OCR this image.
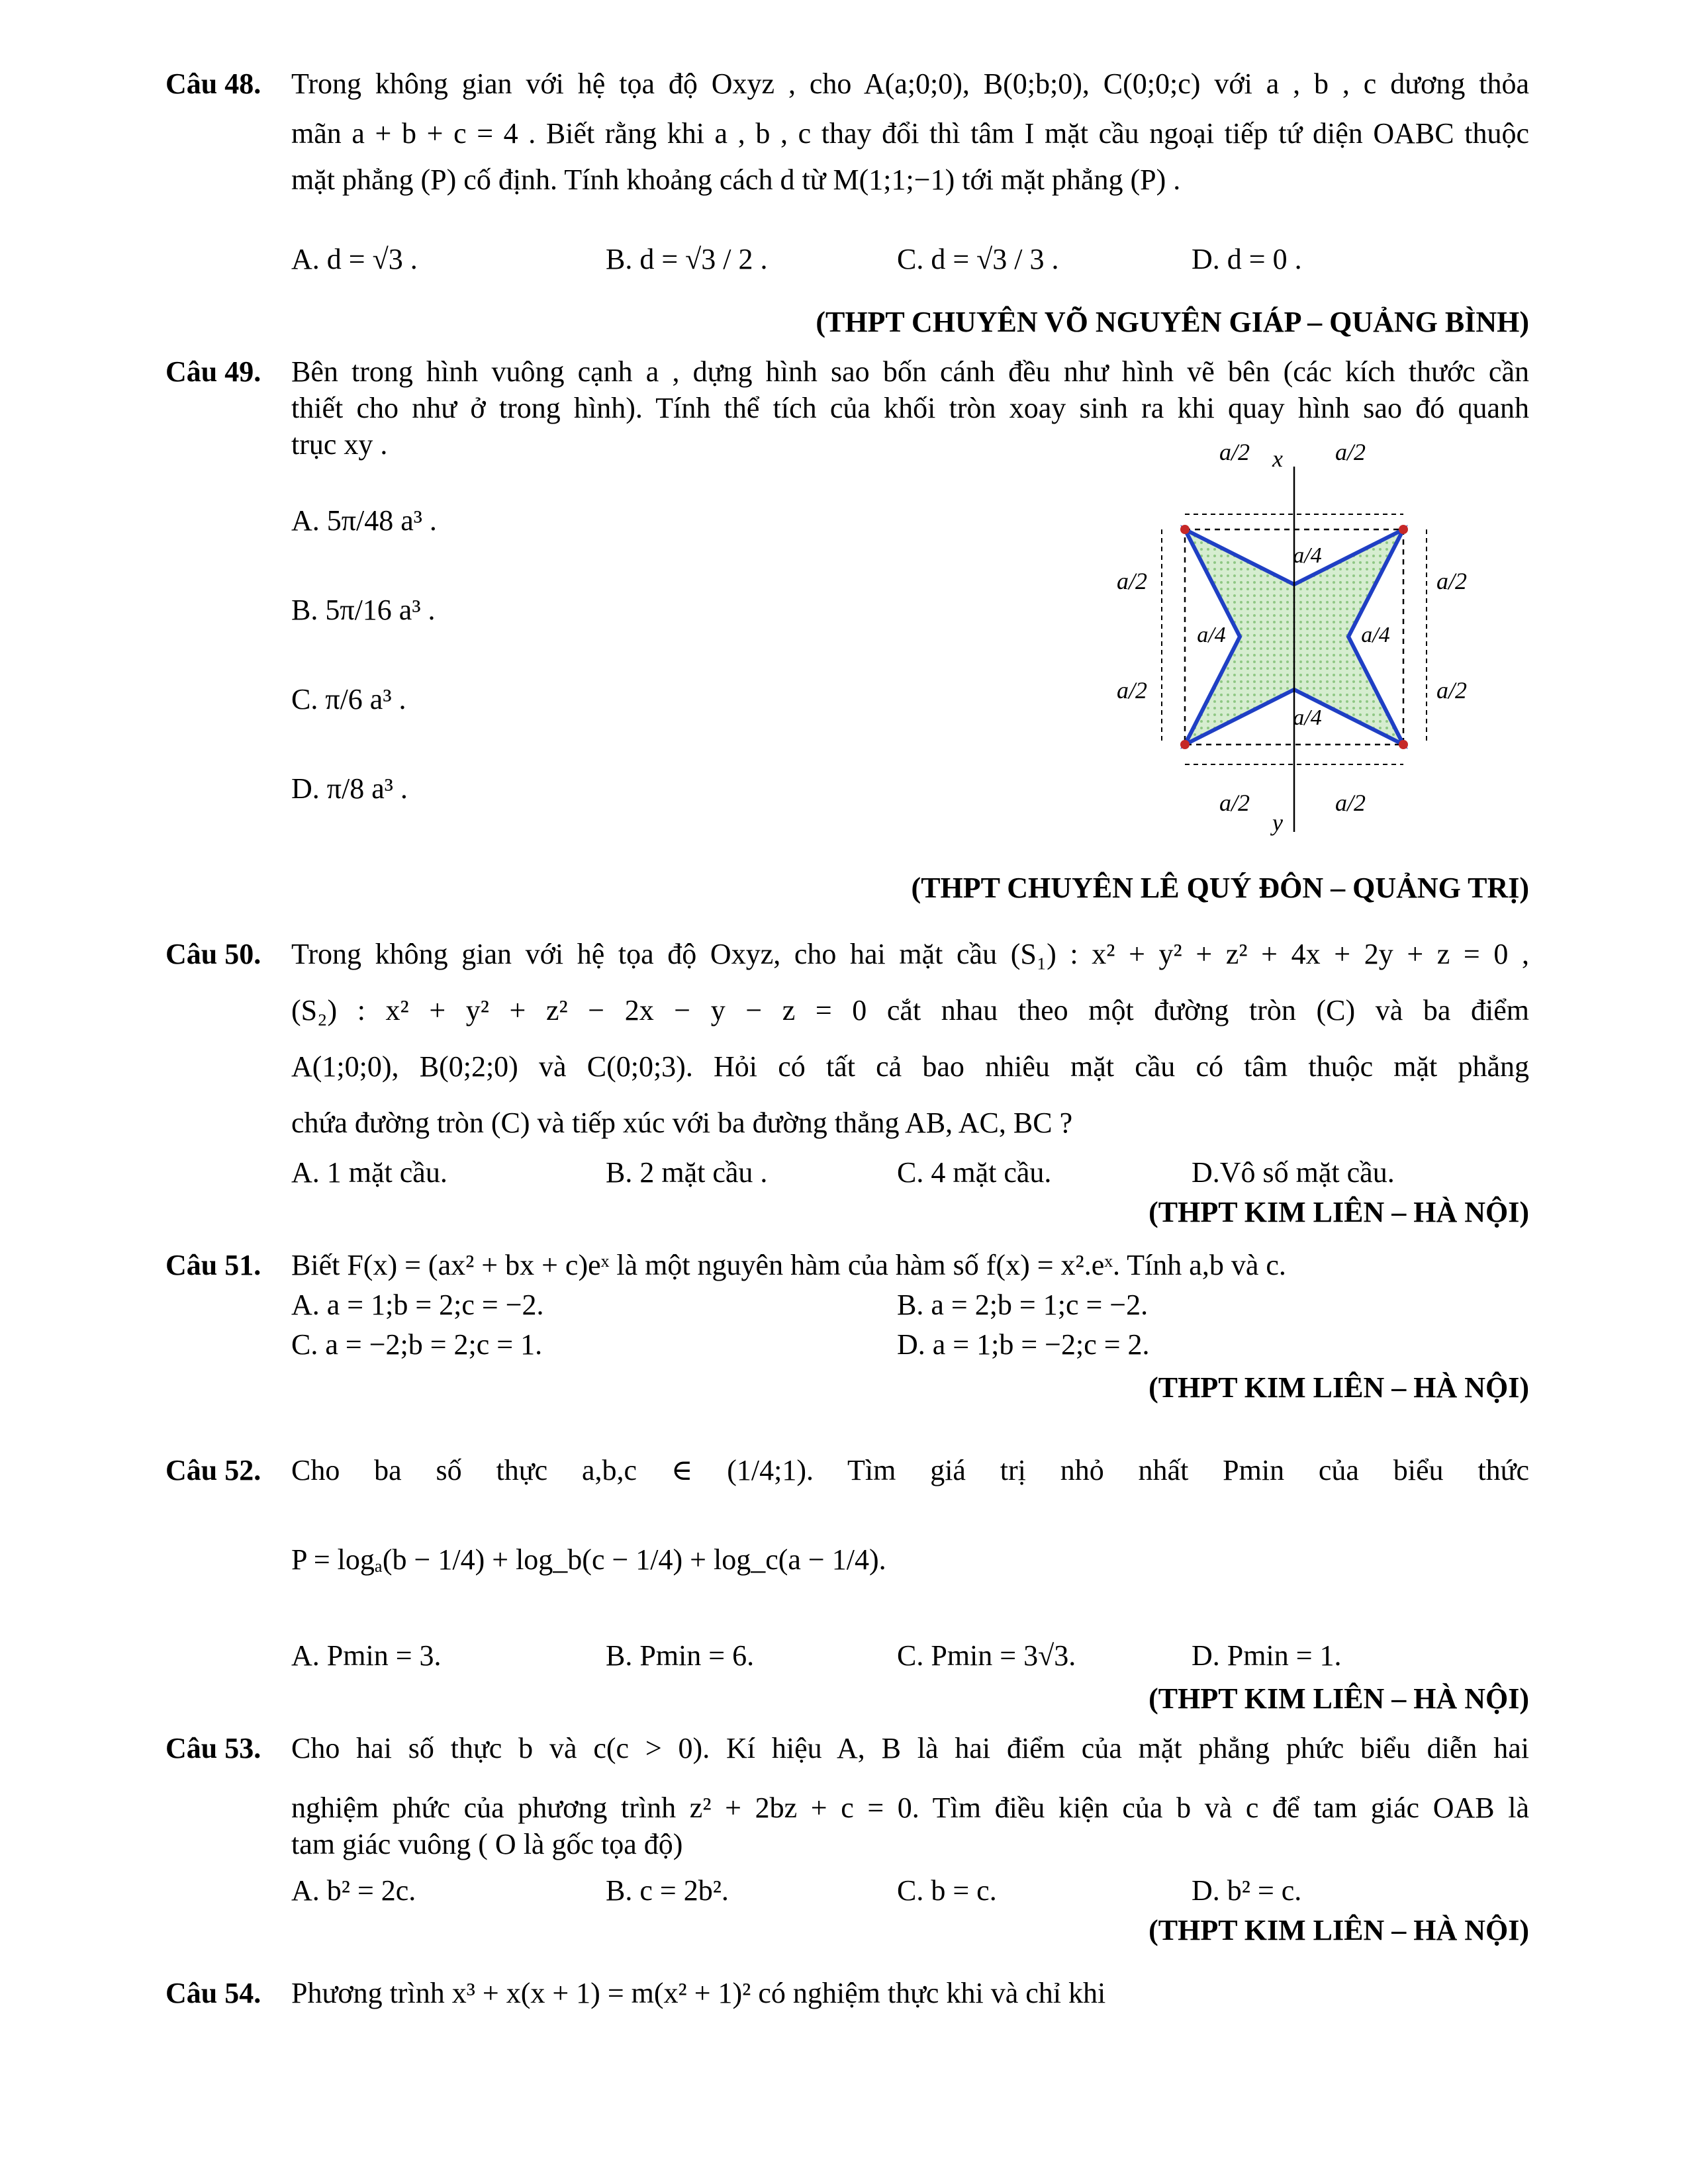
Câu 48. Trong không gian với hệ tọa độ Oxyz , cho A(a;0;0), B(0;b;0), C(0;0;c) với a , b , c dương thỏa
mãn a + b + c = 4 . Biết rằng khi a , b , c thay đổi thì tâm I mặt cầu ngoại tiếp tứ diện OABC thuộc
mặt phẳng (P) cố định. Tính khoảng cách d từ M(1;1;−1) tới mặt phẳng (P) .
A. d = √3 .	B. d = √3 / 2 .	C. d = √3 / 3 .	D. d = 0 .
(THPT CHUYÊN VÕ NGUYÊN GIÁP – QUẢNG BÌNH)
Câu 49. Bên trong hình vuông cạnh a , dựng hình sao bốn cánh đều như hình vẽ bên (các kích thước cần
thiết cho như ở trong hình). Tính thể tích của khối tròn xoay sinh ra khi quay hình sao đó quanh
trục xy .
A. 5π/48 a³ .
B. 5π/16 a³ .
C. π/6 a³ .
D. π/8 a³ .
a/2	a/2
x
a/2	a/2
y
a/2
a/2
a/2
a/2
a/4
a/4
a/4	a/4
(THPT CHUYÊN LÊ QUÝ ĐÔN – QUẢNG TRỊ)
Câu 50. Trong không gian với hệ tọa độ Oxyz, cho hai mặt cầu (S₁) : x² + y² + z² + 4x + 2y + z = 0 ,
(S₂) : x² + y² + z² − 2x − y − z = 0 cắt nhau theo một đường tròn (C) và ba điểm
A(1;0;0), B(0;2;0) và C(0;0;3). Hỏi có tất cả bao nhiêu mặt cầu có tâm thuộc mặt phẳng
chứa đường tròn (C) và tiếp xúc với ba đường thẳng AB, AC, BC ?
A. 1 mặt cầu.	B. 2 mặt cầu .	C. 4 mặt cầu.	D.Vô số mặt cầu.
(THPT KIM LIÊN – HÀ NỘI)
Câu 51. Biết F(x) = (ax² + bx + c)eˣ là một nguyên hàm của hàm số f(x) = x².eˣ. Tính a,b và c.
A. a = 1;b = 2;c = −2.	B. a = 2;b = 1;c = −2.
C. a = −2;b = 2;c = 1.	D. a = 1;b = −2;c = 2.
(THPT KIM LIÊN – HÀ NỘI)
Câu 52. Cho ba số thực a,b,c ∈ (1/4;1). Tìm giá trị nhỏ nhất Pmin của biểu thức
P = logₐ(b − 1/4) + log_b(c − 1/4) + log_c(a − 1/4).
A. Pmin = 3.	B. Pmin = 6.	C. Pmin = 3√3.	D. Pmin = 1.
(THPT KIM LIÊN – HÀ NỘI)
Câu 53. Cho hai số thực b và c(c > 0). Kí hiệu A, B là hai điểm của mặt phẳng phức biểu diễn hai
nghiệm phức của phương trình z² + 2bz + c = 0. Tìm điều kiện của b và c để tam giác OAB là
tam giác vuông ( O là gốc tọa độ)
A. b² = 2c.	B. c = 2b².	C. b = c.	D. b² = c.
(THPT KIM LIÊN – HÀ NỘI)
Câu 54. Phương trình x³ + x(x + 1) = m(x² + 1)² có nghiệm thực khi và chỉ khi
